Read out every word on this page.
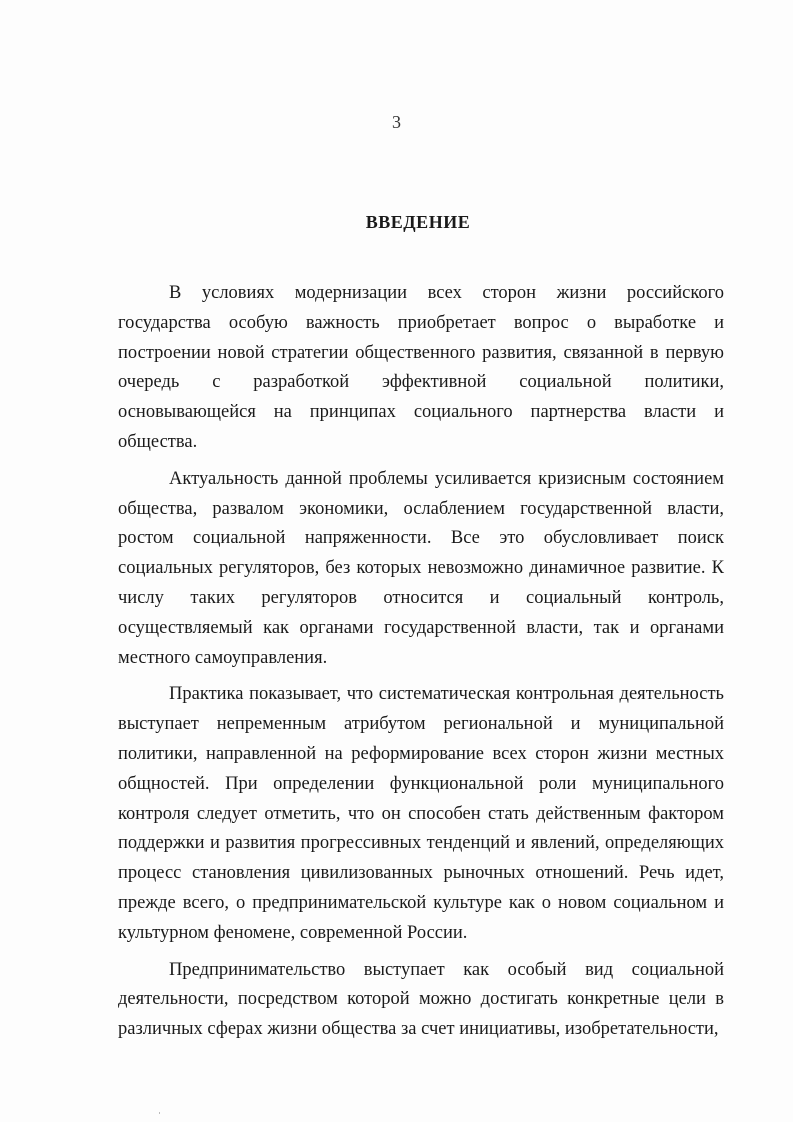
3
ВВЕДЕНИЕ

В условиях модернизации всех сторон жизни российского государства особую важность приобретает вопрос о выработке и построении новой стратегии общественного развития, связанной в первую очередь с разработкой эффективной социальной политики, основывающейся на принципах социального партнерства власти и общества.

Актуальность данной проблемы усиливается кризисным состоянием общества, развалом экономики, ослаблением государственной власти, ростом социальной напряженности. Все это обусловливает поиск социальных регуляторов, без которых невозможно динамичное развитие. К числу таких регуляторов относится и социальный контроль, осуществляемый как органами государственной власти, так и органами местного самоуправления.

Практика показывает, что систематическая контрольная деятельность выступает непременным атрибутом региональной и муниципальной политики, направленной на реформирование всех сторон жизни местных общностей. При определении функциональной роли муниципального контроля следует отметить, что он способен стать действенным фактором поддержки и развития прогрессивных тенденций и явлений, определяющих процесс становления цивилизованных рыночных отношений. Речь идет, прежде всего, о предпринимательской культуре как о новом социальном и культурном феномене, современной России.

Предпринимательство выступает как особый вид социальной деятельности, посредством которой можно достигать конкретные цели в различных сферах жизни общества за счет инициативы, изобретательности,
